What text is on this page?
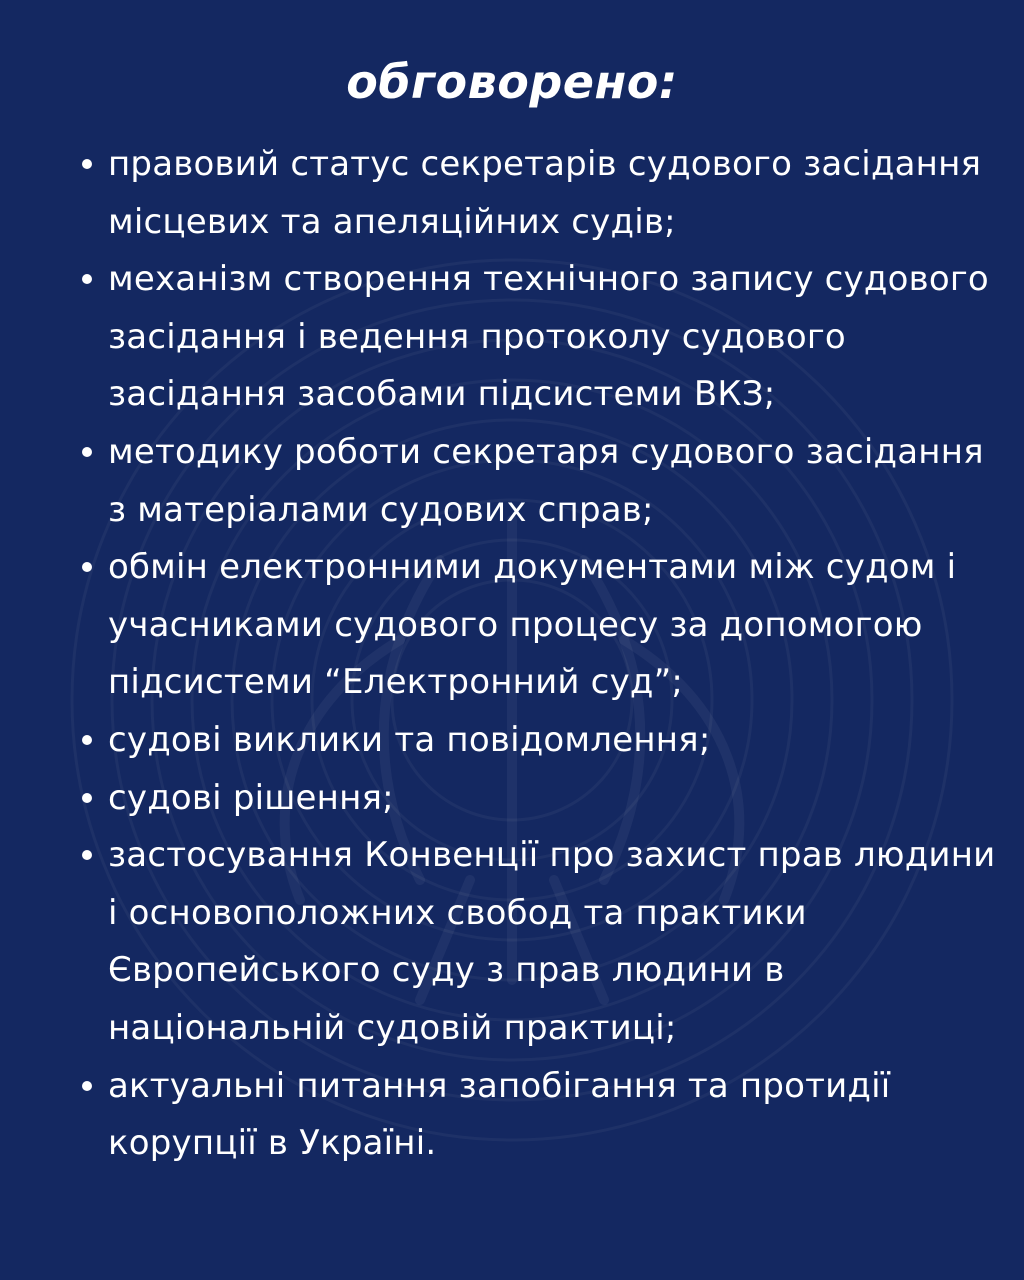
обговорено:
правовий статус секретарів судового засідання місцевих та апеляційних судів;
механізм створення технічного запису судового засідання і ведення протоколу судового засідання засобами підсистеми ВКЗ;
методику роботи секретаря судового засідання з матеріалами судових справ;
обмін електронними документами між судом і учасниками судового процесу за допомогою підсистеми “Електронний суд”;
судові виклики та повідомлення;
судові рішення;
застосування Конвенції про захист прав людини і основоположних свобод та практики Європейського суду з прав людини в національній судовій практиці;
актуальні питання запобігання та протидії корупції в Україні.
